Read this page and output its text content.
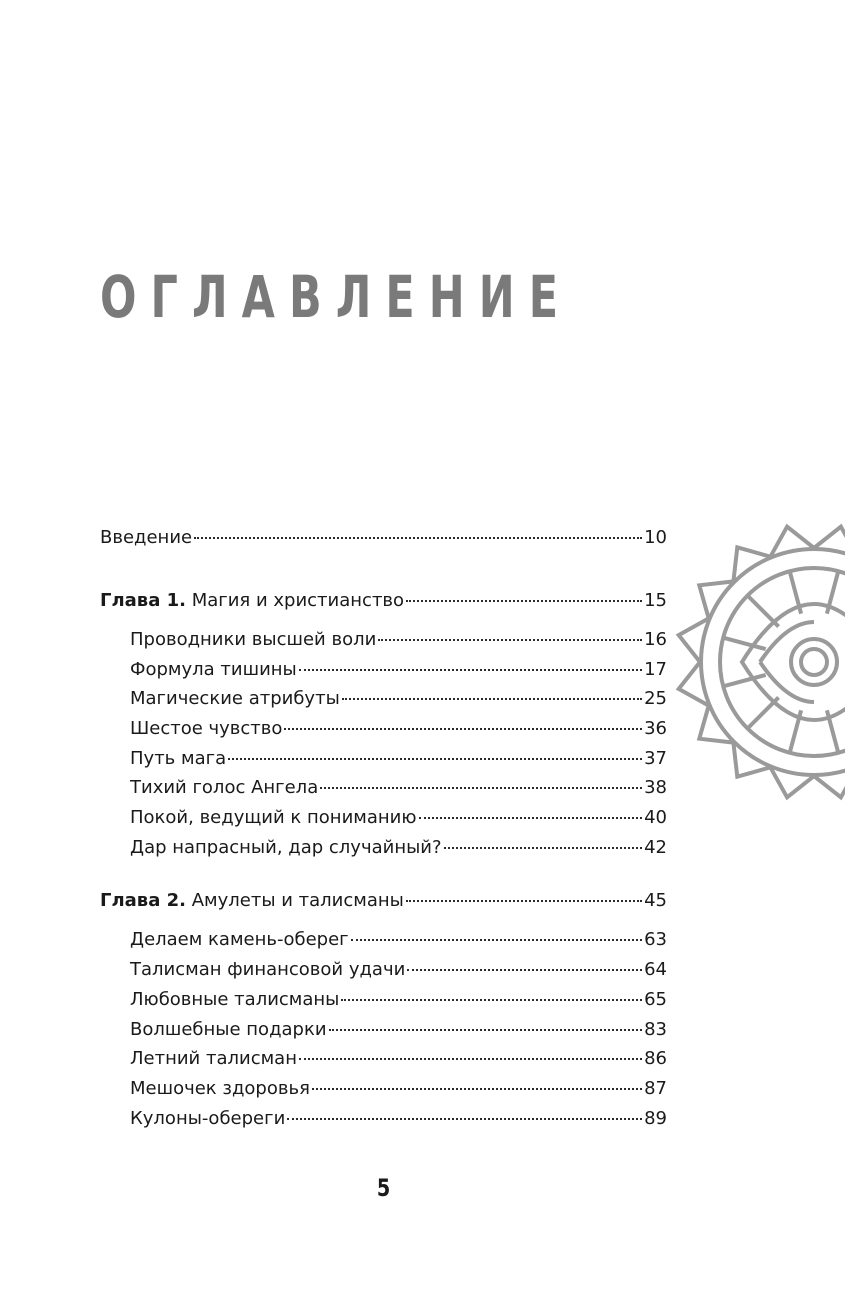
ОГЛАВЛЕНИЕ
Введение	10
Глава 1. Магия и христианство	15
Проводники высшей воли	16
Формула тишины	17
Магические атрибуты	25
Шестое чувство	36
Путь мага	37
Тихий голос Ангела	38
Покой, ведущий к пониманию	40
Дар напрасный, дар случайный?	42
Глава 2. Амулеты и талисманы	45
Делаем камень-оберег	63
Талисман финансовой удачи	64
Любовные талисманы	65
Волшебные подарки	83
Летний талисман	86
Мешочек здоровья	87
Кулоны-обереги	89
5
